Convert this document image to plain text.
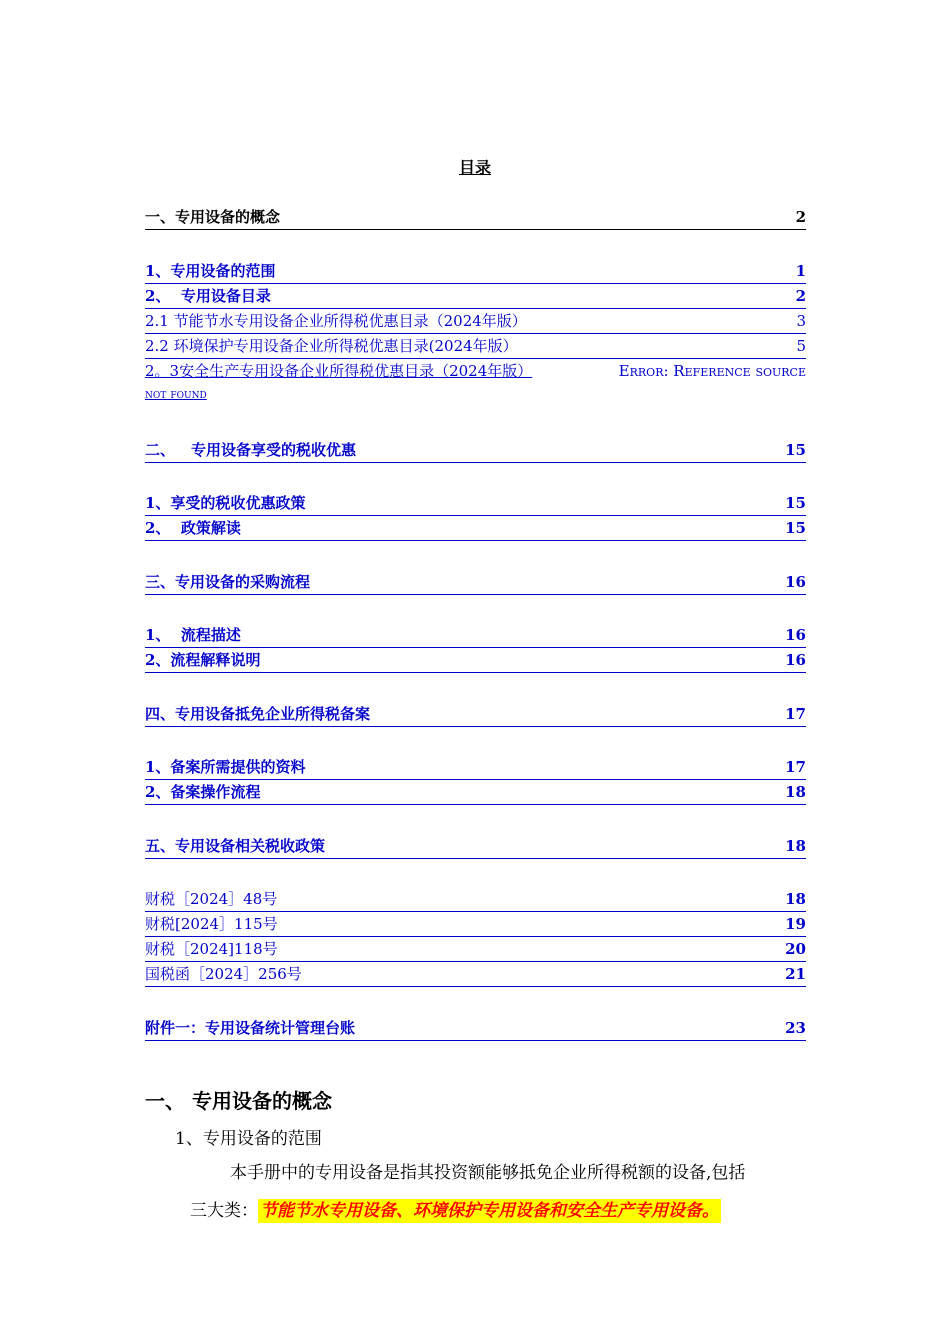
目录
一、专用设备的概念	2
1、专用设备的范围	1
2、  专用设备目录	2
2.1 节能节水专用设备企业所得税优惠目录（2024年版）	3
2.2 环境保护专用设备企业所得税优惠目录(2024年版）	5
2。3安全生产专用设备企业所得税优惠目录（2024年版）	Error: Reference source
not found
二、 专用设备享受的税收优惠	15
1、享受的税收优惠政策	15
2、  政策解读	15
三、专用设备的采购流程	16
1、  流程描述	16
2、流程解释说明	16
四、专用设备抵免企业所得税备案	17
1、备案所需提供的资料	17
2、备案操作流程	18
五、专用设备相关税收政策	18
财税［2024］48号	18
财税[2024］115号	19
财税［2024]118号	20
国税函［2024］256号	21
附件一：专用设备统计管理台账	23
一、 专用设备的概念
1、专用设备的范围
本手册中的专用设备是指其投资额能够抵免企业所得税额的设备,包括
三大类： 节能节水专用设备、环境保护专用设备和安全生产专用设备。
